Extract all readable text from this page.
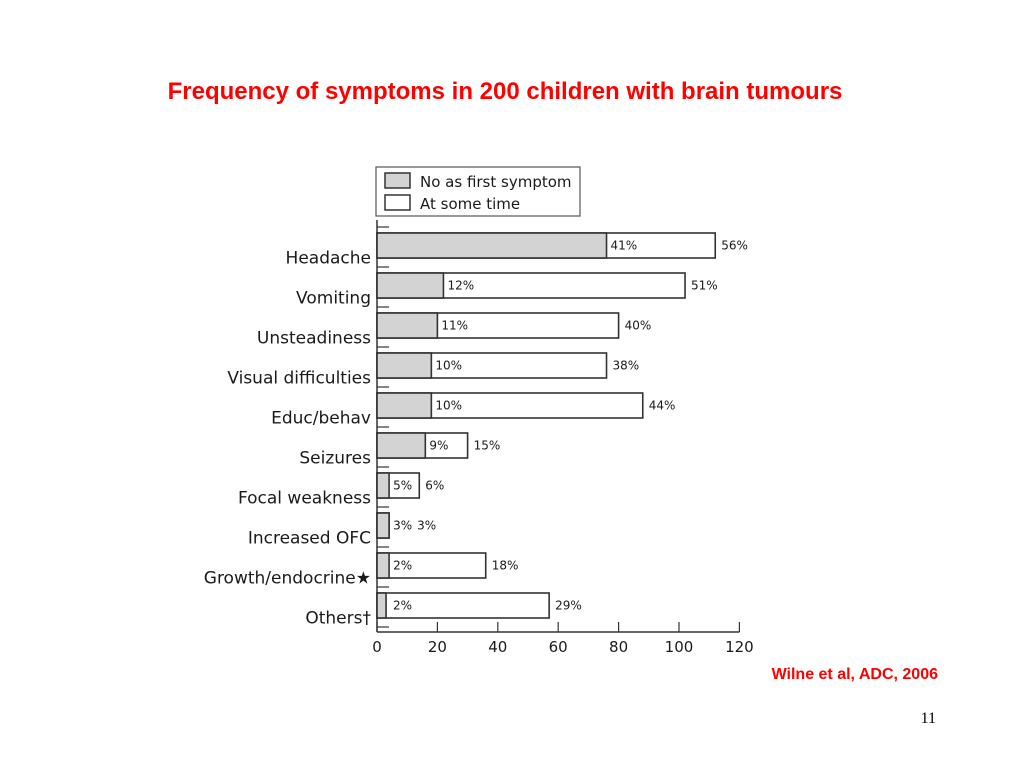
Frequency of symptoms in 200 children with brain tumours
No as first symptom
At some time
0	20	40	60	80 100 120
Headache
41%	56%
Vomiting
12%	51%
Unsteadiness
11%	40%
Visual difficulties
10%	38%
Educ/behav
10%	44%
Seizures
9% 15%
Focal weakness
5% 6%
Increased OFC
3% 3%
Growth/endocrine★
2%	18%
Others†
2%	29%
Wilne et al, ADC, 2006
11
